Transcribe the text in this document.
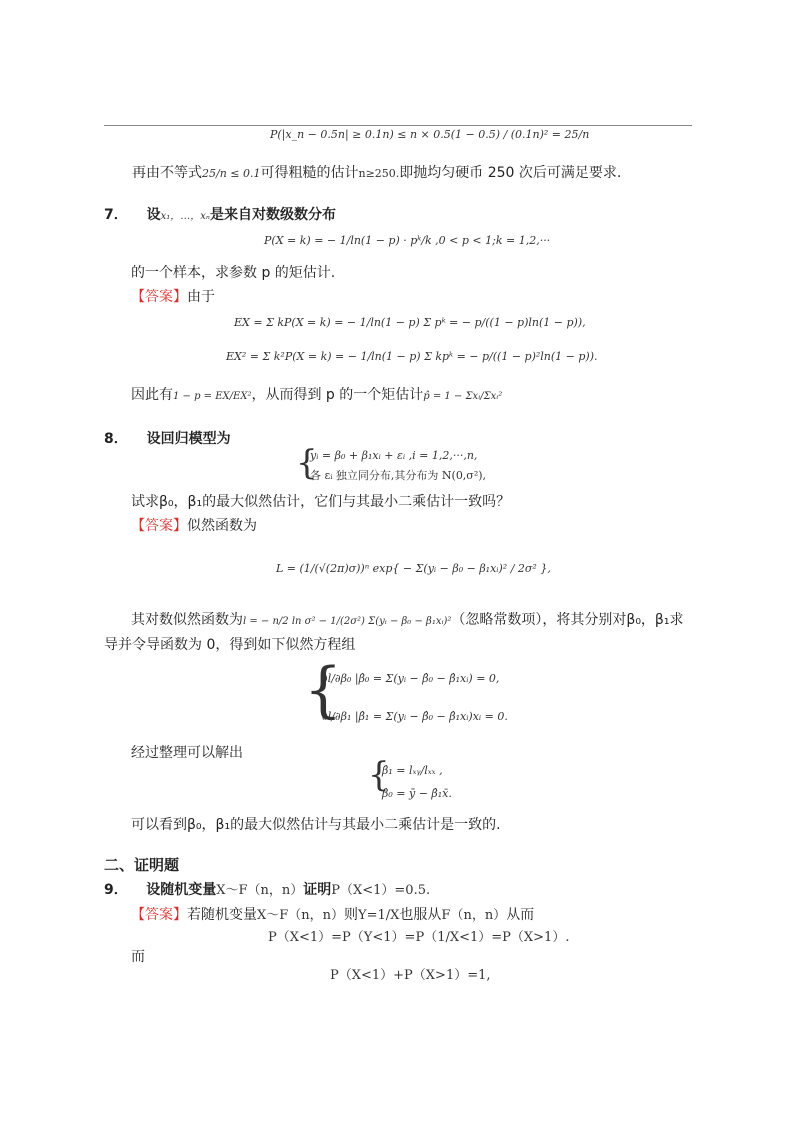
P(|x_n − 0.5n| ≥ 0.1n) ≤ n × 0.5(1 − 0.5) / (0.1n)² = 25/n
再由不等式25/n ≤ 0.1可得粗糙的估计n≥250.即抛均匀硬币 250 次后可满足要求.
7． 设x₁，…，xₙ是来自对数级数分布
P(X = k) = − 1/ln(1 − p) · pᵏ/k ,0 < p < 1;k = 1,2,···
的一个样本，求参数 p 的矩估计.
【答案】由于
EX = Σ kP(X = k) = − 1/ln(1 − p) Σ pᵏ = − p/((1 − p)ln(1 − p)),
EX² = Σ k²P(X = k) = − 1/ln(1 − p) Σ kpᵏ = − p/((1 − p)²ln(1 − p)).
因此有1 − p = EX/EX²，从而得到 p 的一个矩估计p̂ = 1 − Σxᵢ/Σxᵢ²
8． 设回归模型为
{
yᵢ = β₀ + β₁xᵢ + εᵢ ,i = 1,2,···,n,
各 εᵢ 独立同分布,其分布为 N(0,σ²),
试求β₀，β₁的最大似然估计，它们与其最小二乘估计一致吗？
【答案】似然函数为
L = (1/(√(2π)σ))ⁿ exp{ − Σ(yᵢ − β₀ − β₁xᵢ)² / 2σ² },
其对数似然函数为l = − n/2 ln σ² − 1/(2σ²) Σ(yᵢ − β₀ − β₁xᵢ)²（忽略常数项），将其分别对β₀，β₁求
导并令导函数为 0，得到如下似然方程组
{
∂l/∂β₀ |β̂₀ = Σ(yᵢ − β̂₀ − β̂₁xᵢ) = 0,
∂l/∂β₁ |β̂₁ = Σ(yᵢ − β̂₀ − β̂₁xᵢ)xᵢ = 0.
经过整理可以解出
{
β̂₁ = lₓᵧ/lₓₓ ,
β̂₀ = ȳ − β̂₁x̄.
可以看到β₀，β₁的最大似然估计与其最小二乘估计是一致的.
二、证明题
9． 设随机变量X～F（n，n）证明P（X<1）=0.5.
【答案】若随机变量X～F（n，n）则Y=1/X也服从F（n，n）从而
P（X<1）=P（Y<1）=P（1/X<1）=P（X>1）.
而
P（X<1）+P（X>1）=1,
